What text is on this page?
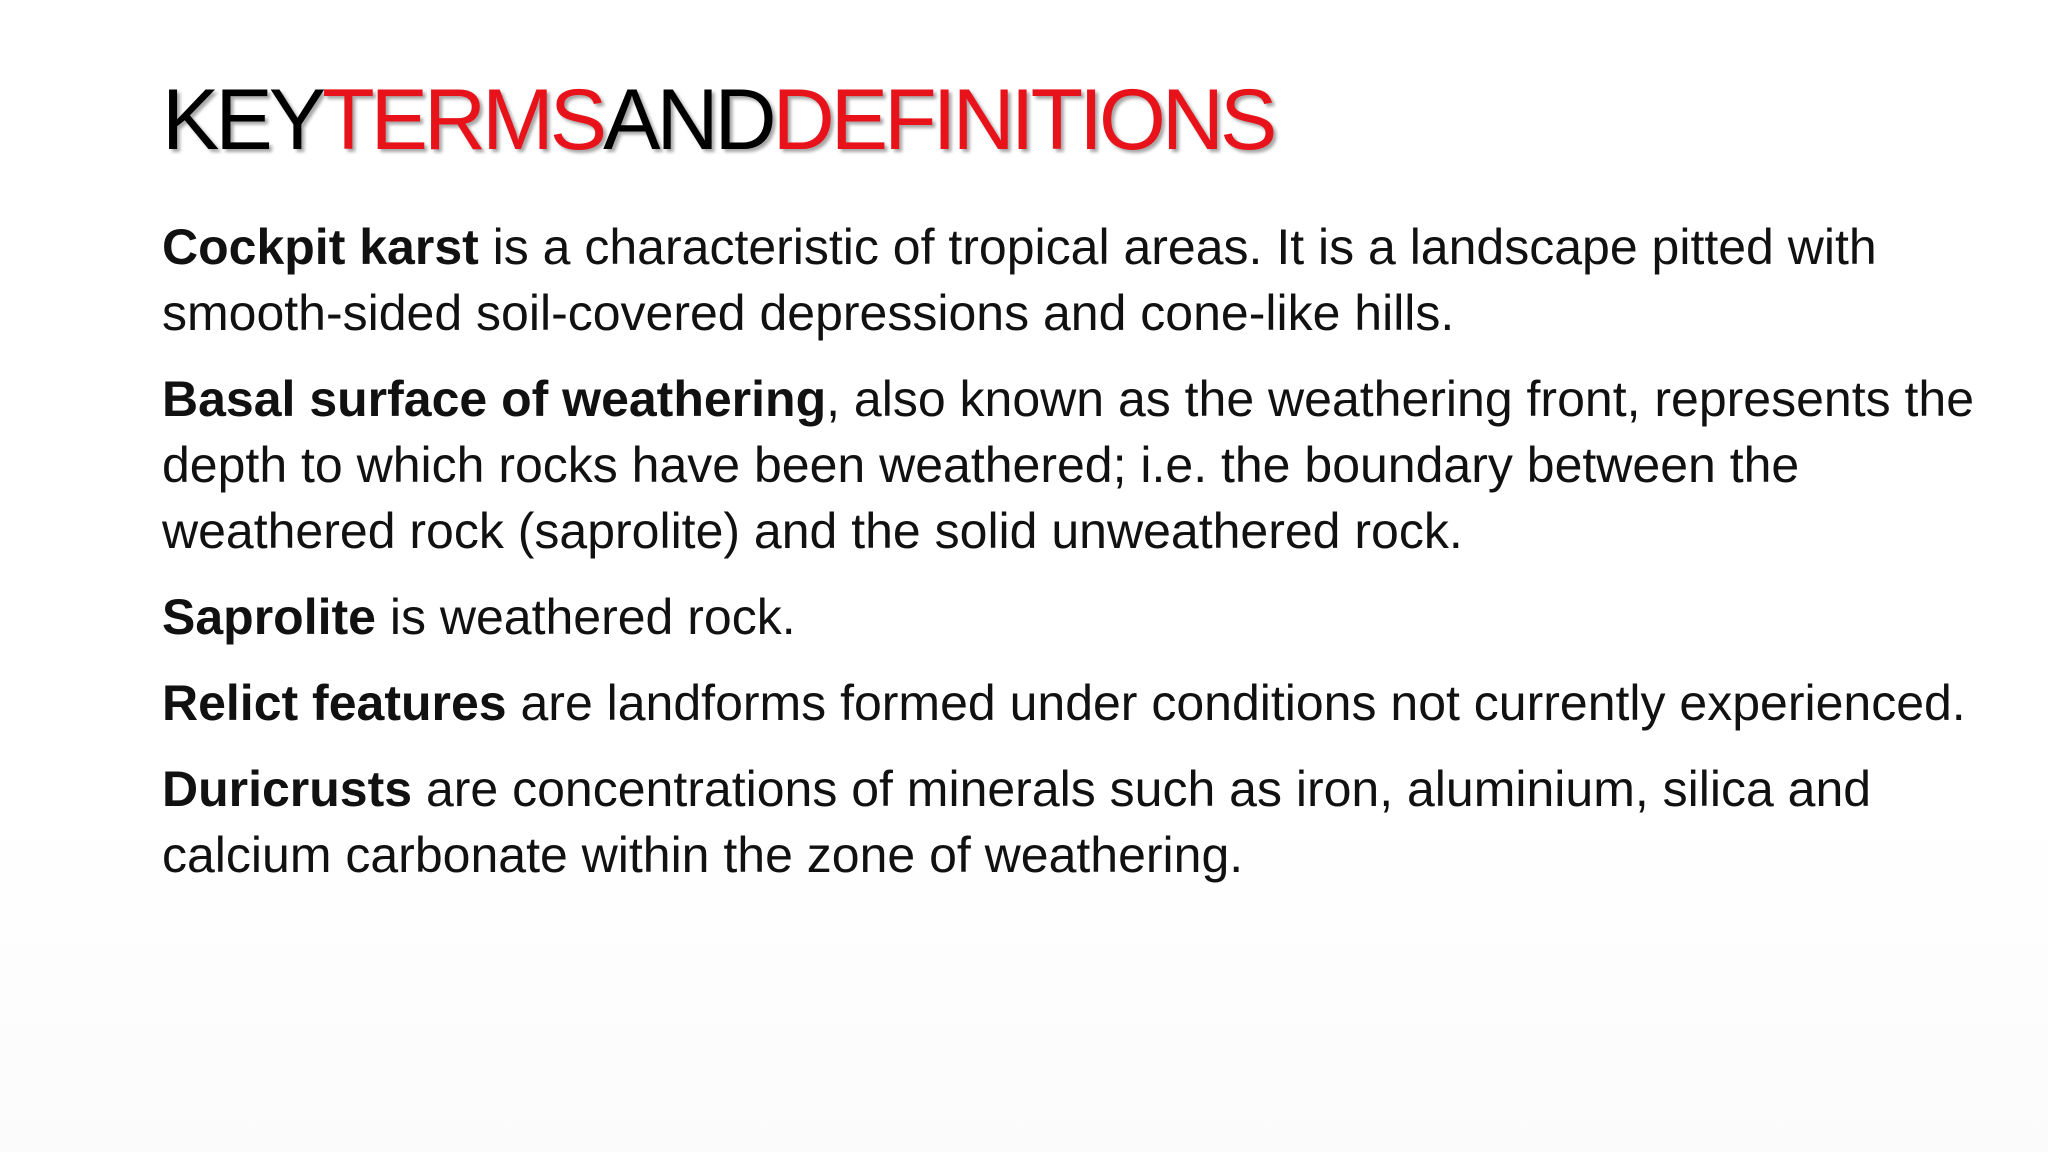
KEYTERMSANDDEFINITIONS

Cockpit karst is a characteristic of tropical areas. It is a landscape pitted with smooth-sided soil-covered depressions and cone-like hills.

Basal surface of weathering, also known as the weathering front, represents the depth to which rocks have been weathered; i.e. the boundary between the weathered rock (saprolite) and the solid unweathered rock.

Saprolite is weathered rock.

Relict features are landforms formed under conditions not currently experienced.

Duricrusts are concentrations of minerals such as iron, aluminium, silica and calcium carbonate within the zone of weathering.
